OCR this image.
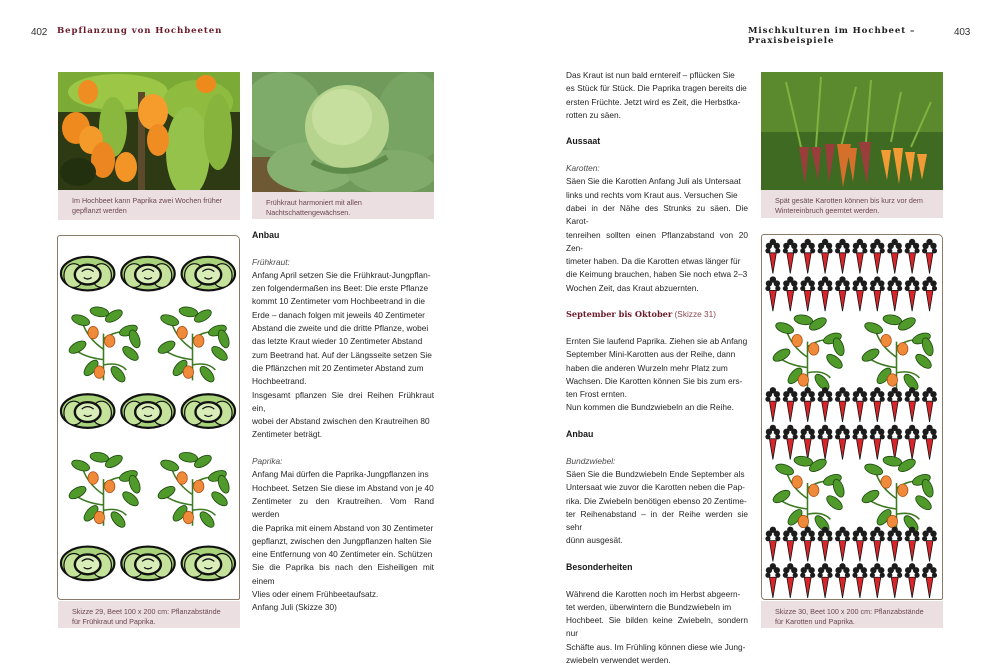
402 Bepflanzung von Hochbeeten
Im Hochbeet kann Paprika zwei Wochen früher
gepflanzt werden
Frühkraut harmoniert mit allen
Nachtschattengewächsen.
Skizze 29, Beet 100 x 200 cm: Pflanzabstände
für Frühkraut und Paprika.

Anbau

Frühkraut:

Anfang April setzen Sie die Frühkraut-Jungpflan-
zen folgendermaßen ins Beet: Die erste Pflanze
kommt 10 Zentimeter vom Hochbeetrand in die
Erde – danach folgen mit jeweils 40 Zentimeter
Abstand die zweite und die dritte Pflanze, wobei
das letzte Kraut wieder 10 Zentimeter Abstand
zum Beetrand hat. Auf der Längsseite setzen Sie
die Pflänzchen mit 20 Zentimeter Abstand zum
Hochbeetrand.
Insgesamt pflanzen Sie drei Reihen Frühkraut ein,
wobei der Abstand zwischen den Krautreihen 80
Zentimeter beträgt.

Paprika:

Anfang Mai dürfen die Paprika-Jungpflanzen ins
Hochbeet. Setzen Sie diese im Abstand von je 40
Zentimeter zu den Krautreihen. Vom Rand werden
die Paprika mit einem Abstand von 30 Zentimeter
gepflanzt, zwischen den Jungpflanzen halten Sie
eine Entfernung von 40 Zentimeter ein. Schützen
Sie die Paprika bis nach den Eisheiligen mit einem
Vlies oder einem Frühbeetaufsatz.
Anfang Juli (Skizze 30)
Mischkulturen im Hochbeet – Praxisbeispiele
403
Das Kraut ist nun bald erntereif – pflücken Sie
es Stück für Stück. Die Paprika tragen bereits die
ersten Früchte. Jetzt wird es Zeit, die Herbstka-
rotten zu säen.

Aussaat

Karotten:

Säen Sie die Karotten Anfang Juli als Untersaat
links und rechts vom Kraut aus. Versuchen Sie
dabei in der Nähe des Strunks zu säen. Die Karot-
tenreihen sollten einen Pflanzabstand von 20 Zen-
timeter haben. Da die Karotten etwas länger für
die Keimung brauchen, haben Sie noch etwa 2–3
Wochen Zeit, das Kraut abzuernten.

September bis Oktober (Skizze 31)

Ernten Sie laufend Paprika. Ziehen sie ab Anfang
September Mini-Karotten aus der Reihe, dann
haben die anderen Wurzeln mehr Platz zum
Wachsen. Die Karotten können Sie bis zum ers-
ten Frost ernten.
Nun kommen die Bundzwiebeln an die Reihe.

Anbau

Bundzwiebel:

Säen Sie die Bundzwiebeln Ende September als
Untersaat wie zuvor die Karotten neben die Pap-
rika. Die Zwiebeln benötigen ebenso 20 Zentime-
ter Reihenabstand – in der Reihe werden sie sehr
dünn ausgesät.

Besonderheiten

Während die Karotten noch im Herbst abgeern-
tet werden, überwintern die Bundzwiebeln im
Hochbeet. Sie bilden keine Zwiebeln, sondern nur
Schäfte aus. Im Frühling können diese wie Jung-
zwiebeln verwendet werden.
Spät gesäte Karotten können bis kurz vor dem
Wintereinbruch geerntet werden.
Skizze 30, Beet 100 x 200 cm: Pflanzabstände
für Karotten und Paprika.
